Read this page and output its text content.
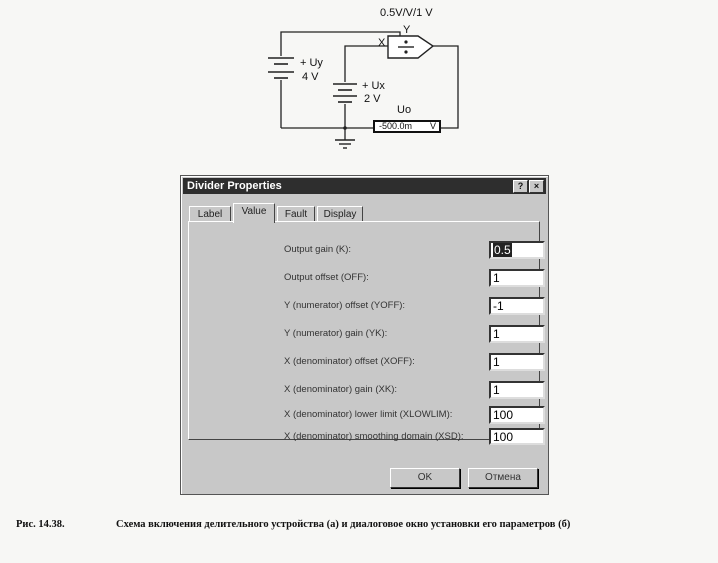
0.5V/V/1 V
Y
X
+ Uy
4 V
+ Ux
2 V
Uo
-500.0m V
Divider Properties	?	×
Label	Value	Fault	Display
Output gain (K):	0.5
Output offset (OFF):	1
Y (numerator) offset (YOFF):	-1
Y (numerator) gain (YK):	1
X (denominator) offset (XOFF):	1
X (denominator) gain (XK):	1
X (denominator) lower limit (XLOWLIM):	100
X (denominator) smoothing domain (XSD):	100
OK	Отмена
Рис. 14.38.	Схема включения делительного устройства (а) и диалоговое окно установки его параметров (б)
